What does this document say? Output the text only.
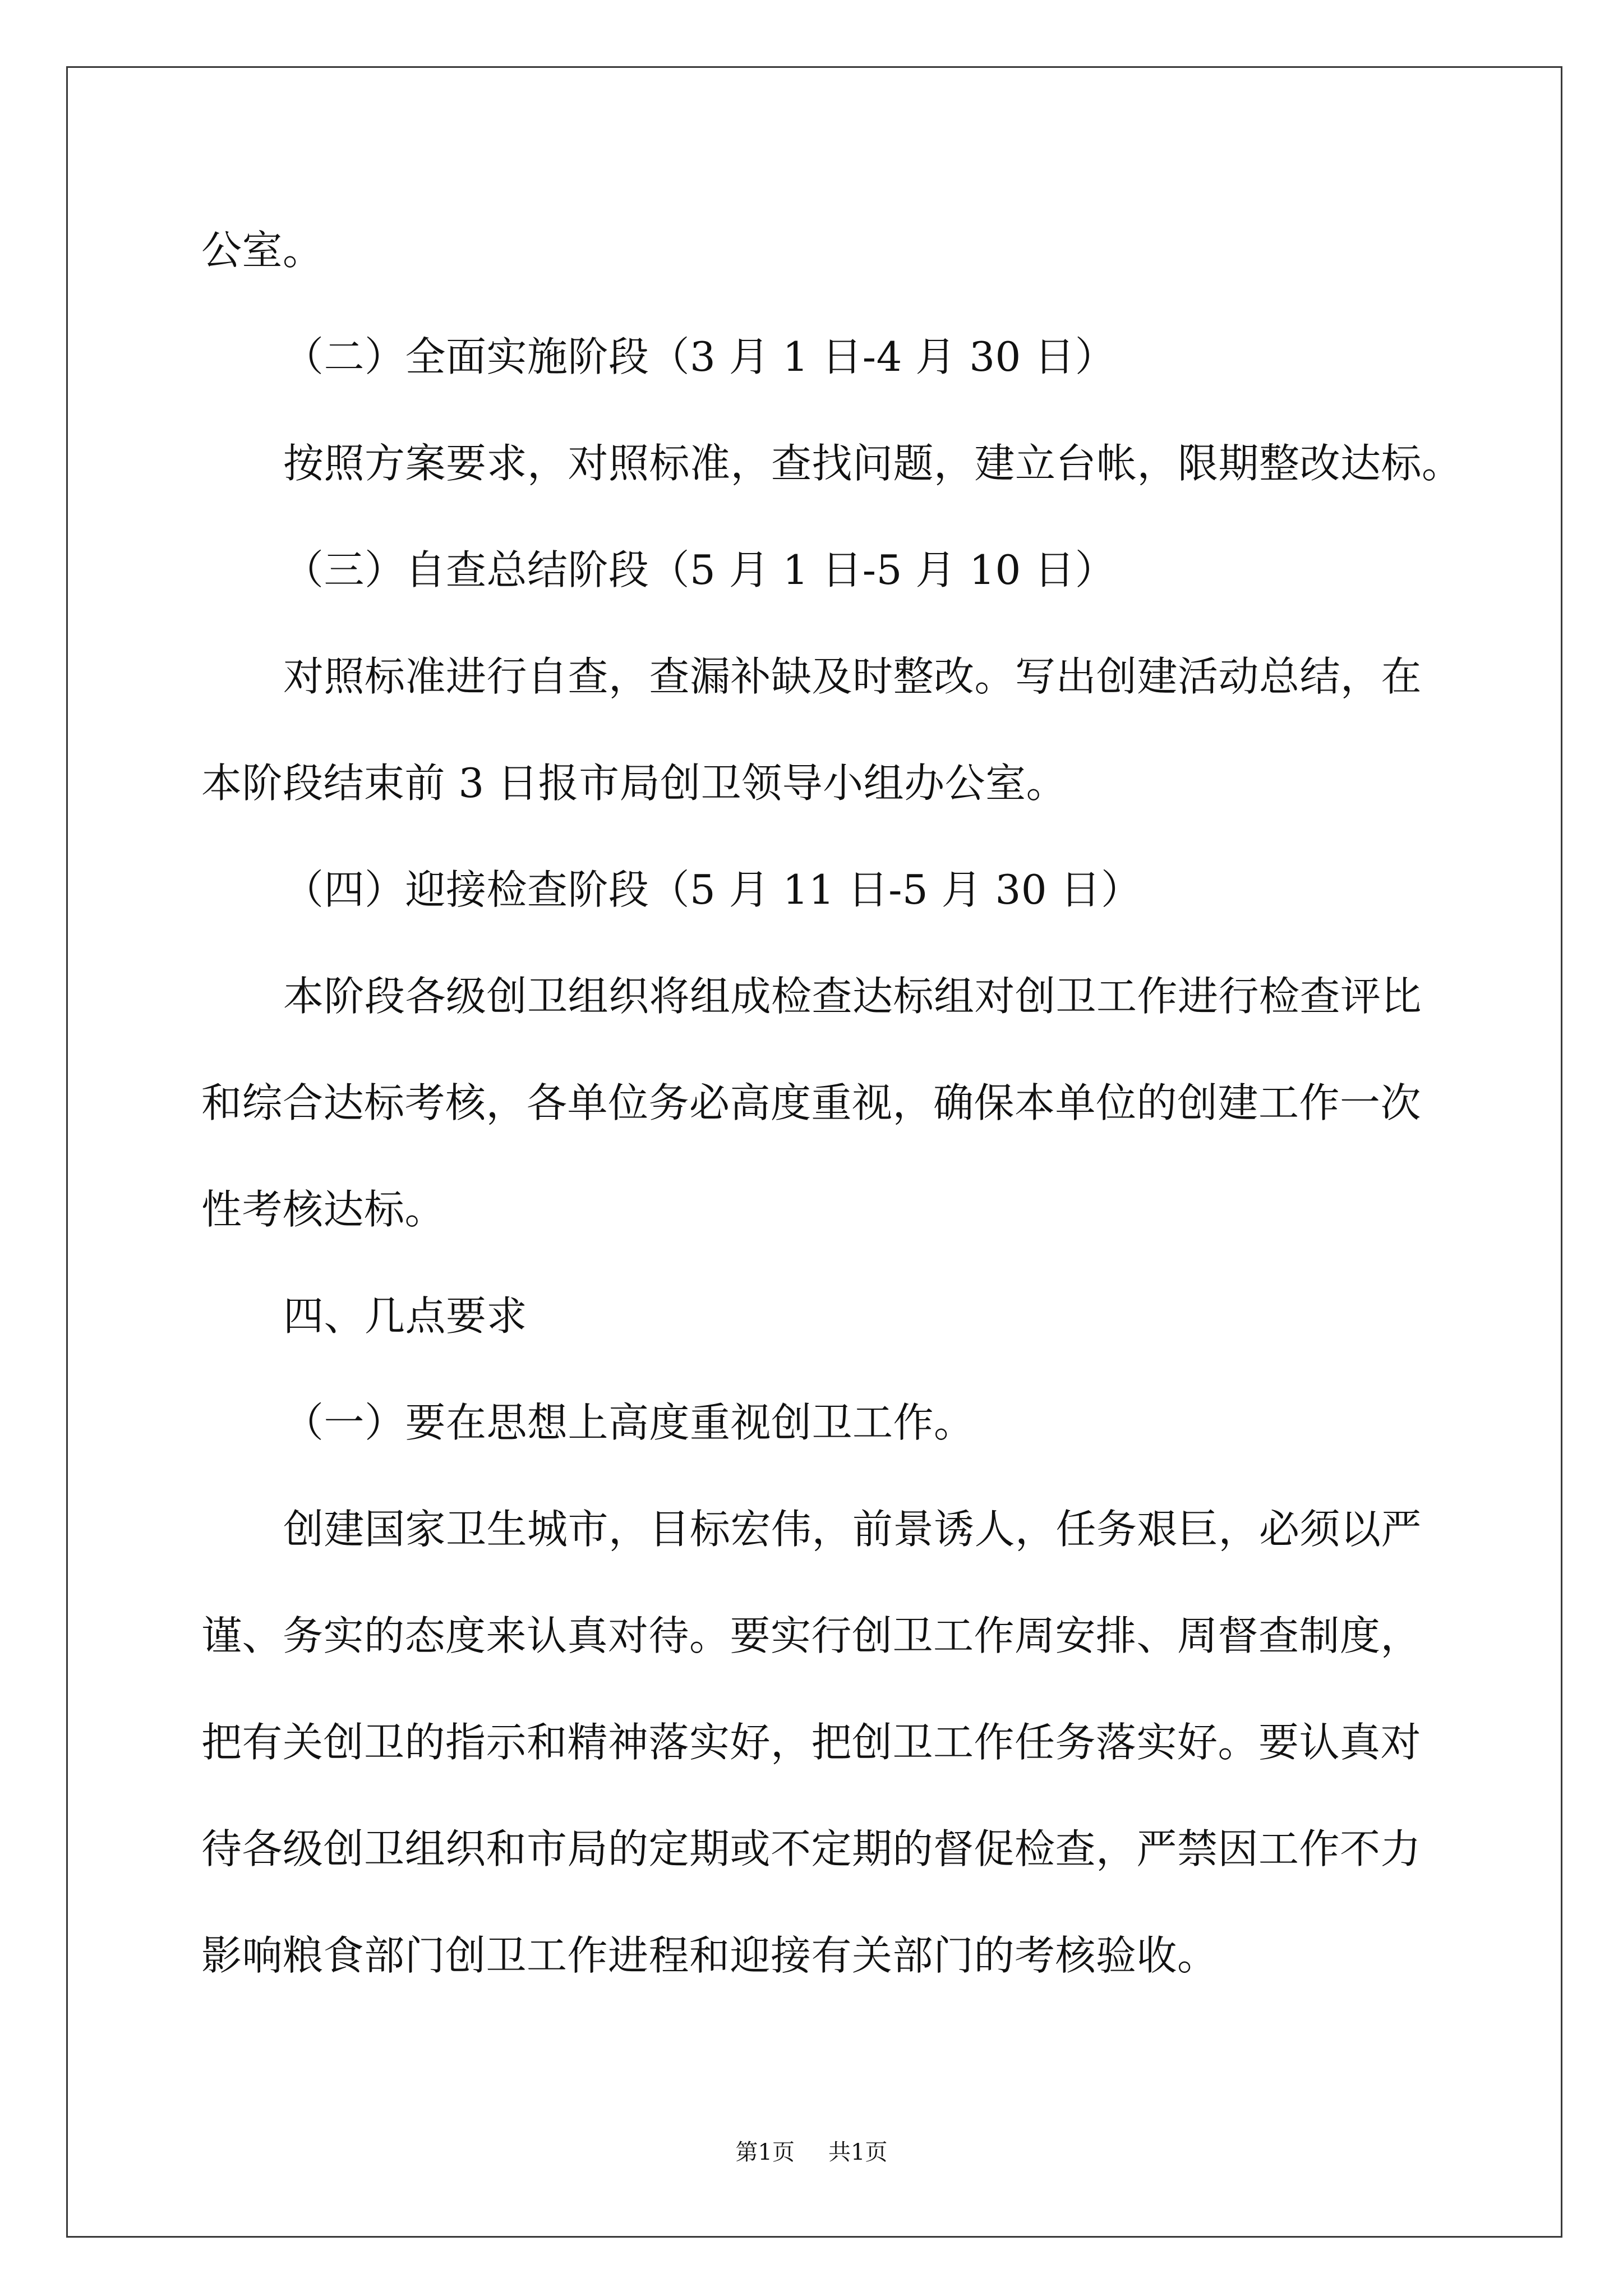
公室。
（二）全面实施阶段（3 月 1 日-4 月 30 日）
按照方案要求，对照标准，查找问题，建立台帐，限期整改达标。
（三）自查总结阶段（5 月 1 日-5 月 10 日）
对照标准进行自查，查漏补缺及时整改。写出创建活动总结，在
本阶段结束前 3 日报市局创卫领导小组办公室。
（四）迎接检查阶段（5 月 11 日-5 月 30 日）
本阶段各级创卫组织将组成检查达标组对创卫工作进行检查评比
和综合达标考核，各单位务必高度重视，确保本单位的创建工作一次
性考核达标。
四、几点要求
（一）要在思想上高度重视创卫工作。
创建国家卫生城市，目标宏伟，前景诱人，任务艰巨，必须以严
谨、务实的态度来认真对待。要实行创卫工作周安排、周督查制度，
把有关创卫的指示和精神落实好，把创卫工作任务落实好。要认真对
待各级创卫组织和市局的定期或不定期的督促检查，严禁因工作不力
影响粮食部门创卫工作进程和迎接有关部门的考核验收。
第1页 共1页
